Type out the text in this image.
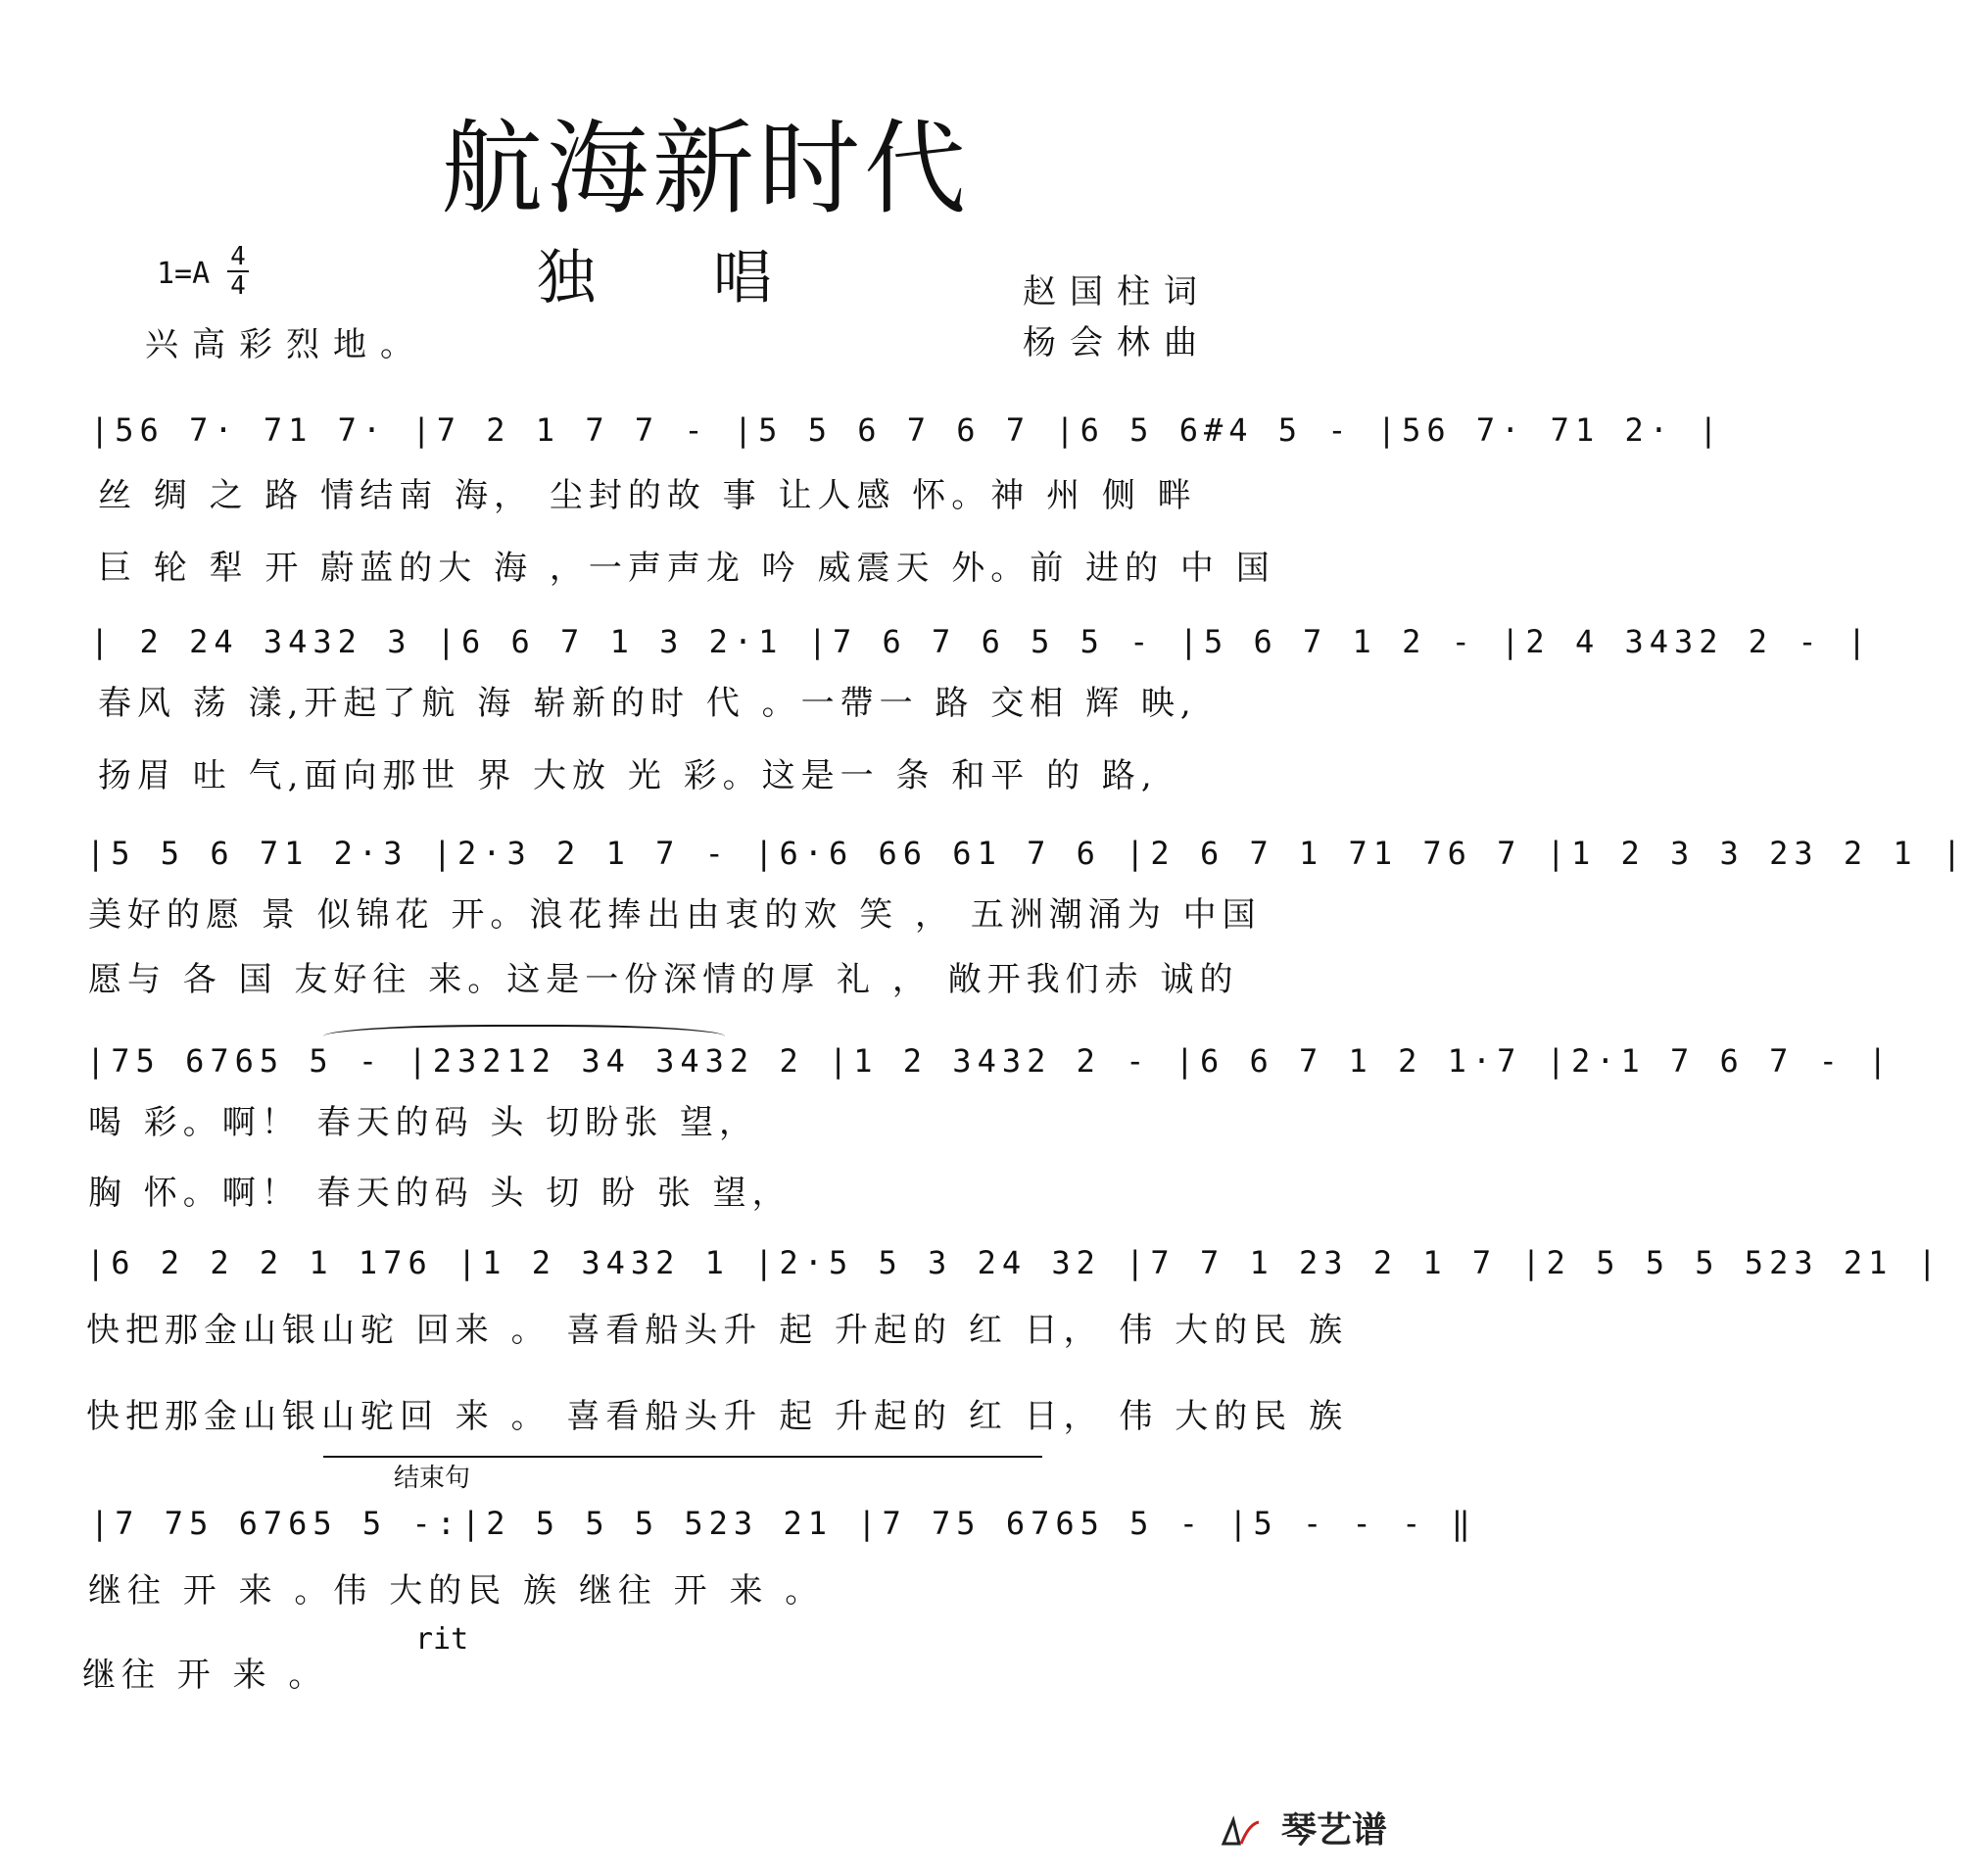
航海新时代
独唱
1=A 4
4
兴高彩烈地。
赵国柱词
杨会林曲
|56 7· 71 7· |7 2 1 7 7 - |5 5 6 7 6 7 |6 5 6#4 5 - |56 7· 71 2· |
丝 绸 之 路 情结南 海， 尘封的故 事 让人感 怀。神 州 侧 畔
巨 轮 犁 开 蔚蓝的大 海 ，一声声龙 吟 威震天 外。前 进的 中 国
| 2 24 3432 3 |6 6 7 1 3 2·1 |7 6 7 6 5 5 - |5 6 7 1 2 - |2 4 3432 2 - |
春风 荡 漾,开起了航 海 崭新的时 代 。一帶一 路 交相 辉 映,
扬眉 吐 气,面向那世 界 大放 光 彩。这是一 条 和平 的 路,
|5 5 6 71 2·3 |2·3 2 1 7 - |6·6 66 61 7 6 |2 6 7 1 71 76 7 |1 2 3 3 23 2 1 |
美好的愿 景 似锦花 开。浪花捧出由衷的欢 笑 ， 五洲潮涌为 中国
愿与 各 国 友好往 来。这是一份深情的厚 礼 ， 敞开我们赤 诚的
|75 6765 5 - |23212 34 3432 2 |1 2 3432 2 - |6 6 7 1 2 1·7 |2·1 7 6 7 - |
喝 彩。啊！ 春天的码 头 切盼张 望，
胸 怀。啊！ 春天的码 头 切 盼 张 望，
|6 2 2 2 1 176 |1 2 3432 1 |2·5 5 3 24 32 |7 7 1 23 2 1 7 |2 5 5 5 523 21 |
快把那金山银山驼 回来 。 喜看船头升 起 升起的 红 日， 伟 大的民 族
快把那金山银山驼回 来 。 喜看船头升 起 升起的 红 日， 伟 大的民 族
结束句
|7 75 6765 5 -:|2 5 5 5 523 21 |7 75 6765 5 - |5 - - - ‖
继往 开 来 。伟 大的民 族 继往 开 来 。
继往 开 来 。
rit
琴艺谱
